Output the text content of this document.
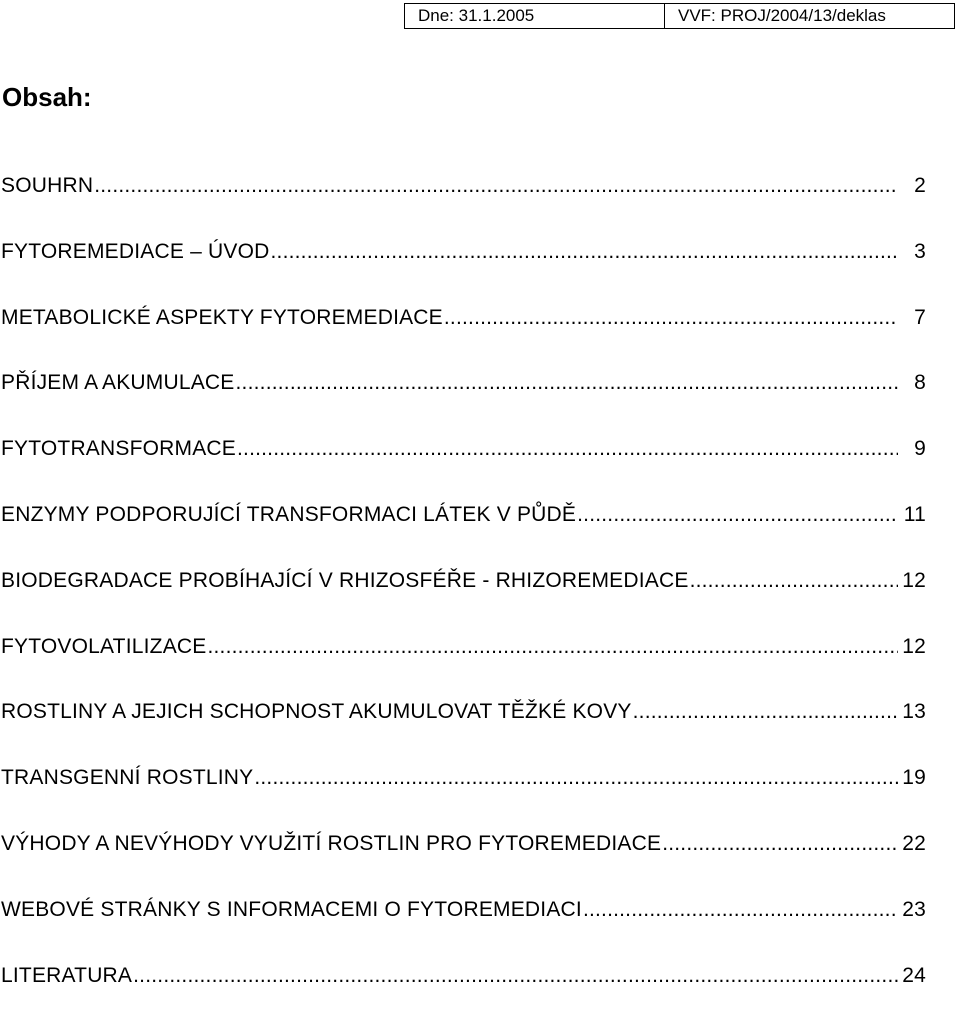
Dne: 31.1.2005	VVF: PROJ/2004/13/deklas
Obsah:
SOUHRN .....	2
FYTOREMEDIACE – ÚVOD .....	3
METABOLICKÉ ASPEKTY FYTOREMEDIACE .....	7
PŘÍJEM A AKUMULACE .....	8
FYTOTRANSFORMACE .....	9
ENZYMY PODPORUJÍCÍ TRANSFORMACI LÁTEK V PŮDĚ .....	11
BIODEGRADACE PROBÍHAJÍCÍ V RHIZOSFÉŘE - RHIZOREMEDIACE .....	12
FYTOVOLATILIZACE .....	12
ROSTLINY A JEJICH SCHOPNOST AKUMULOVAT TĚŽKÉ KOVY .....	13
TRANSGENNÍ ROSTLINY .....	19
VÝHODY A NEVÝHODY VYUŽITÍ ROSTLIN PRO FYTOREMEDIACE .....	22
WEBOVÉ STRÁNKY S INFORMACEMI O FYTOREMEDIACI .....	23
LITERATURA .....	24
